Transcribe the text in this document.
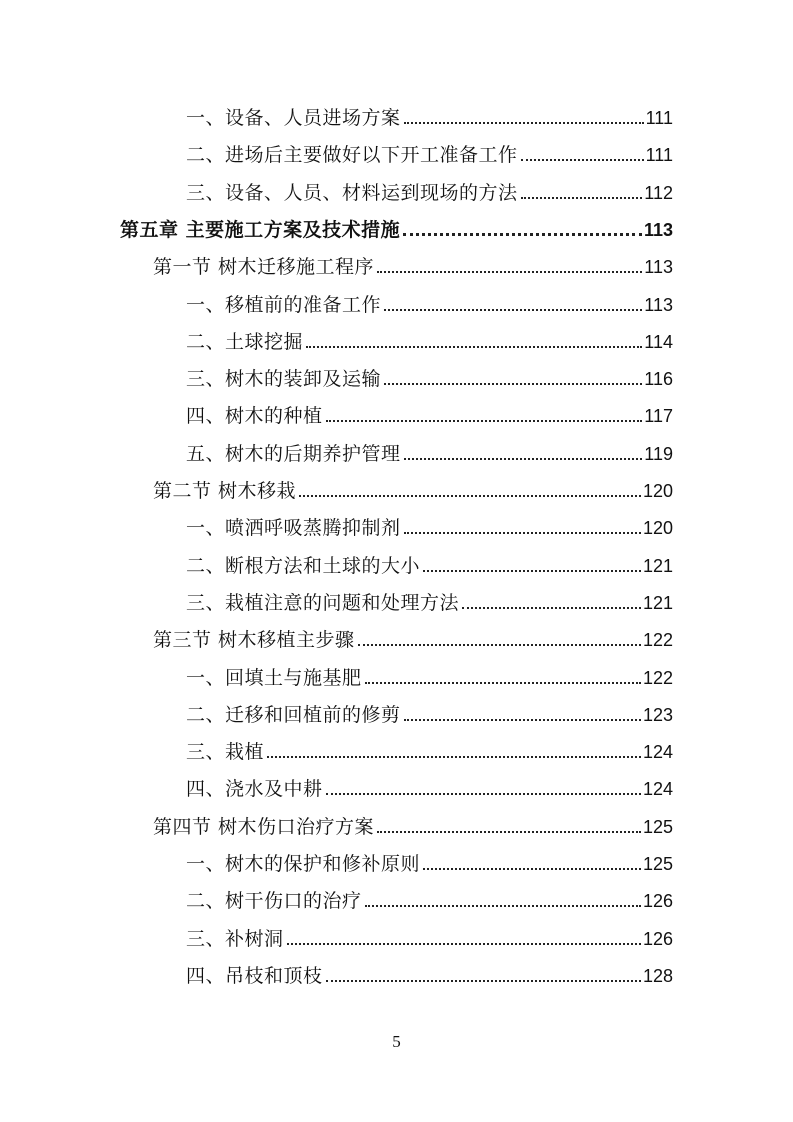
一、设备、人员进场方案	111
二、进场后主要做好以下开工准备工作	111
三、设备、人员、材料运到现场的方法	112
第五章 主要施工方案及技术措施	113
第一节 树木迁移施工程序	113
一、移植前的准备工作	113
二、土球挖掘	114
三、树木的装卸及运输	116
四、树木的种植	117
五、树木的后期养护管理	119
第二节 树木移栽	120
一、喷洒呼吸蒸腾抑制剂	120
二、断根方法和土球的大小	121
三、栽植注意的问题和处理方法	121
第三节 树木移植主步骤	122
一、回填土与施基肥	122
二、迁移和回植前的修剪	123
三、栽植	124
四、浇水及中耕	124
第四节 树木伤口治疗方案	125
一、树木的保护和修补原则	125
二、树干伤口的治疗	126
三、补树洞	126
四、吊枝和顶枝	128
5
